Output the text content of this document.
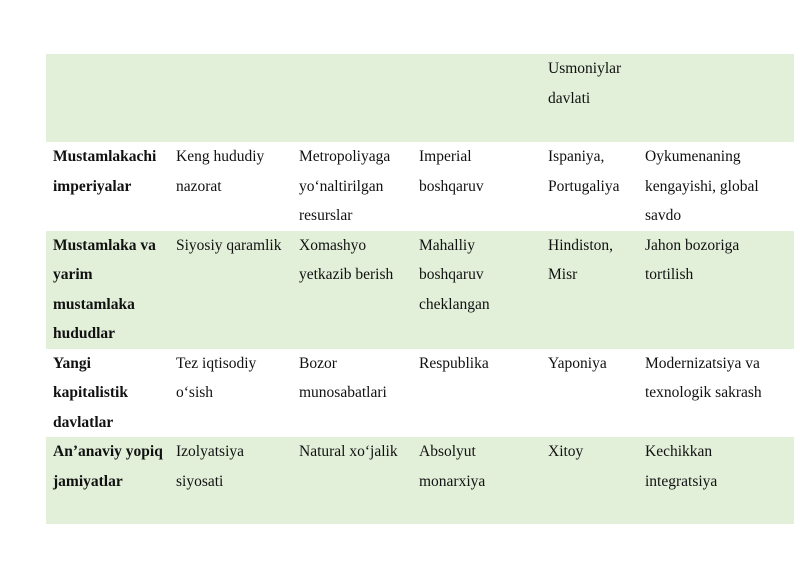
				Usmoniylar davlati	
Mustamlakachi imperiyalar	Keng hududiy nazorat	Metropoliyaga yo‘naltirilgan resurslar	Imperial boshqaruv	Ispaniya, Portugaliya	Oykumenaning kengayishi, global savdo
Mustamlaka va yarim mustamlaka hududlar	Siyosiy qaramlik	Xomashyo yetkazib berish	Mahalliy boshqaruv cheklangan	Hindiston, Misr	Jahon bozoriga tortilish
Yangi kapitalistik davlatlar	Tez iqtisodiy o‘sish	Bozor munosabatlari	Respublika	Yaponiya	Modernizatsiya va texnologik sakrash
An’anaviy yopiq jamiyatlar	Izolyatsiya siyosati	Natural xo‘jalik	Absolyut monarxiya	Xitoy	Kechikkan integratsiya
